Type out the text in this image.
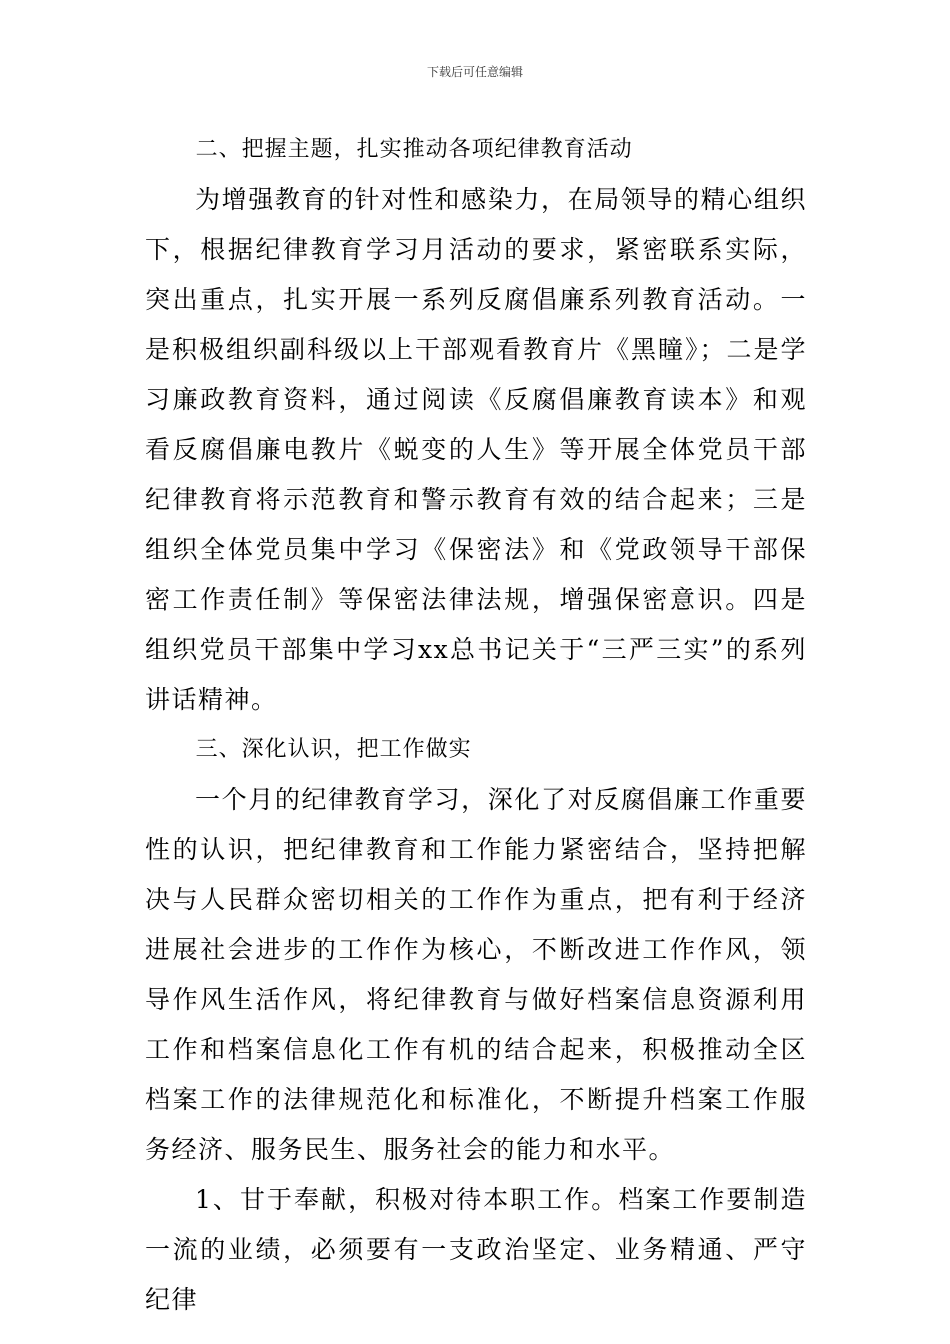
下载后可任意编辑

二、把握主题，扎实推动各项纪律教育活动

为增强教育的针对性和感染力，在局领导的精心组织下，根据纪律教育学习月活动的要求，紧密联系实际，突出重点，扎实开展一系列反腐倡廉系列教育活动。一是积极组织副科级以上干部观看教育片《黑瞳》；二是学习廉政教育资料，通过阅读《反腐倡廉教育读本》和观看反腐倡廉电教片《蜕变的人生》等开展全体党员干部纪律教育将示范教育和警示教育有效的结合起来；三是组织全体党员集中学习《保密法》和《党政领导干部保密工作责任制》等保密法律法规，增强保密意识。四是组织党员干部集中学习xx总书记关于“三严三实”的系列讲话精神。

三、深化认识，把工作做实

一个月的纪律教育学习，深化了对反腐倡廉工作重要性的认识，把纪律教育和工作能力紧密结合，坚持把解决与人民群众密切相关的工作作为重点，把有利于经济进展社会进步的工作作为核心，不断改进工作作风，领导作风生活作风，将纪律教育与做好档案信息资源利用工作和档案信息化工作有机的结合起来，积极推动全区档案工作的法律规范化和标准化，不断提升档案工作服务经济、服务民生、服务社会的能力和水平。

1、甘于奉献，积极对待本职工作。档案工作要制造一流的业绩，必须要有一支政治坚定、业务精通、严守纪律
